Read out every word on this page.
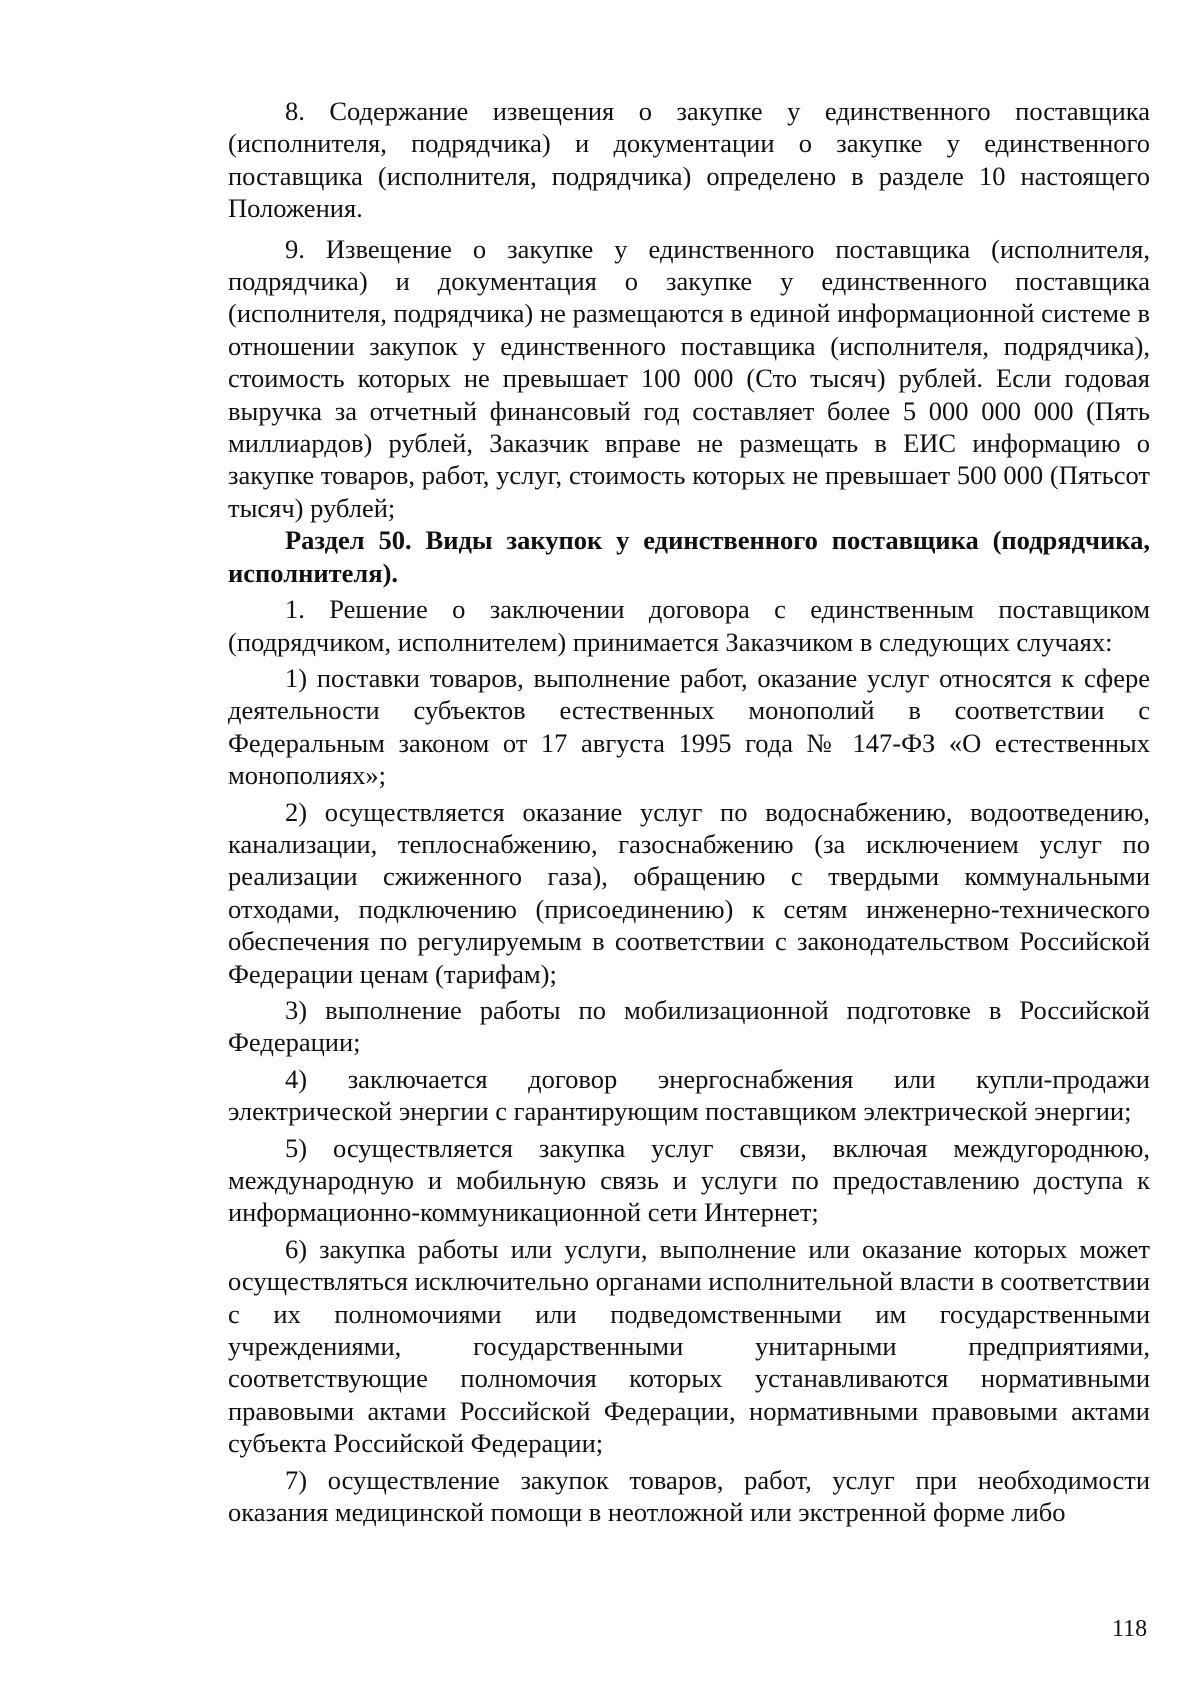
8. Содержание извещения о закупке у единственного поставщика (исполнителя, подрядчика) и документации о закупке у единственного поставщика (исполнителя, подрядчика) определено в разделе 10 настоящего Положения.

9. Извещение о закупке у единственного поставщика (исполнителя, подрядчика) и документация о закупке у единственного поставщика (исполнителя, подрядчика) не размещаются в единой информационной системе в отношении закупок у единственного поставщика (исполнителя, подрядчика), стоимость которых не превышает 100 000 (Сто тысяч) рублей. Если годовая выручка за отчетный финансовый год составляет более 5 000 000 000 (Пять миллиардов) рублей, Заказчик вправе не размещать в ЕИС информацию о закупке товаров, работ, услуг, стоимость которых не превышает 500 000 (Пятьсот тысяч) рублей;

Раздел 50. Виды закупок у единственного поставщика (подрядчика, исполнителя).

1. Решение о заключении договора с единственным поставщиком (подрядчиком, исполнителем) принимается Заказчиком в следующих случаях:

1) поставки товаров, выполнение работ, оказание услуг относятся к сфере деятельности субъектов естественных монополий в соответствии с Федеральным законом от 17 августа 1995 года № 147-ФЗ «О естественных монополиях»;

2) осуществляется оказание услуг по водоснабжению, водоотведению, канализации, теплоснабжению, газоснабжению (за исключением услуг по реализации сжиженного газа), обращению с твердыми коммунальными отходами, подключению (присоединению) к сетям инженерно-технического обеспечения по регулируемым в соответствии с законодательством Российской Федерации ценам (тарифам);

3) выполнение работы по мобилизационной подготовке в Российской Федерации;

4) заключается договор энергоснабжения или купли-продажи электрической энергии с гарантирующим поставщиком электрической энергии;

5) осуществляется закупка услуг связи, включая междугороднюю, международную и мобильную связь и услуги по предоставлению доступа к информационно-коммуникационной сети Интернет;

6) закупка работы или услуги, выполнение или оказание которых может осуществляться исключительно органами исполнительной власти в соответствии с их полномочиями или подведомственными им государственными учреждениями, государственными унитарными предприятиями, соответствующие полномочия которых устанавливаются нормативными правовыми актами Российской Федерации, нормативными правовыми актами субъекта Российской Федерации;

7) осуществление закупок товаров, работ, услуг при необходимости оказания медицинской помощи в неотложной или экстренной форме либо

118
